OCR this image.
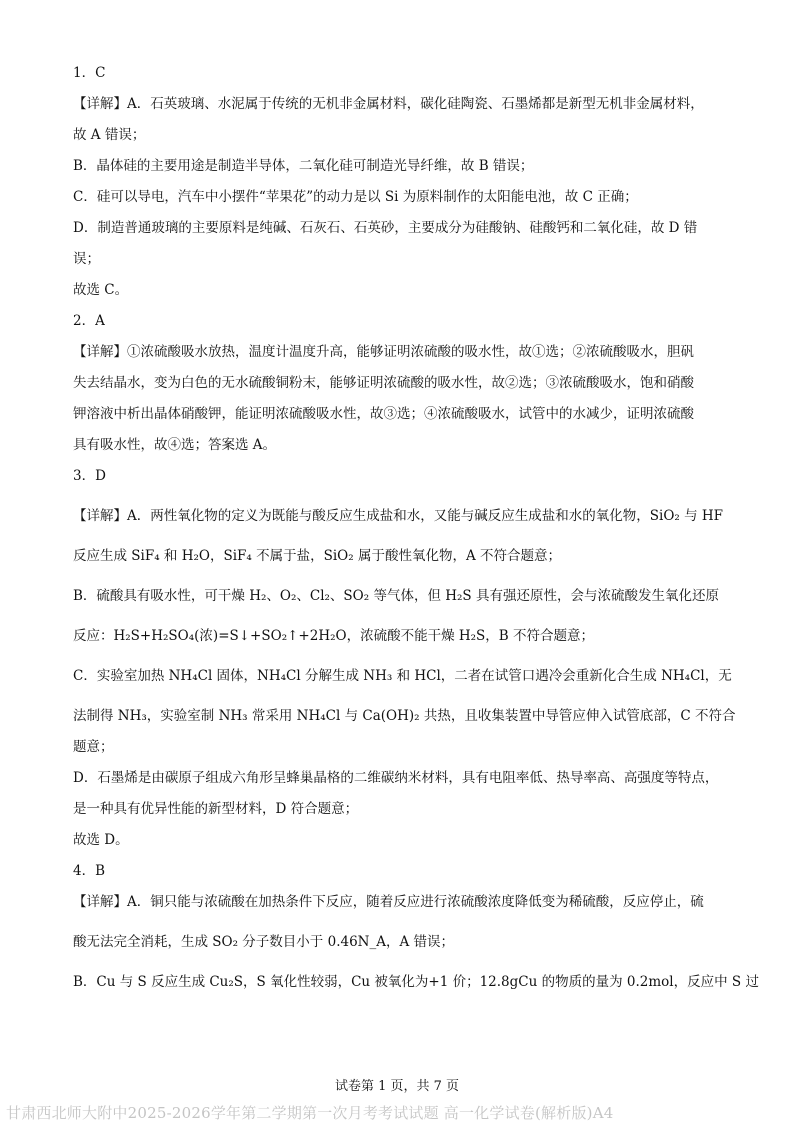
1．C

【详解】A．石英玻璃、水泥属于传统的无机非金属材料，碳化硅陶瓷、石墨烯都是新型无机非金属材料，

故 A 错误；

B．晶体硅的主要用途是制造半导体，二氧化硅可制造光导纤维，故 B 错误；

C．硅可以导电，汽车中小摆件“苹果花”的动力是以 Si 为原料制作的太阳能电池，故 C 正确；

D．制造普通玻璃的主要原料是纯碱、石灰石、石英砂，主要成分为硅酸钠、硅酸钙和二氧化硅，故 D 错

误；

故选 C。

2．A

【详解】①浓硫酸吸水放热，温度计温度升高，能够证明浓硫酸的吸水性，故①选；②浓硫酸吸水，胆矾

失去结晶水，变为白色的无水硫酸铜粉末，能够证明浓硫酸的吸水性，故②选；③浓硫酸吸水，饱和硝酸

钾溶液中析出晶体硝酸钾，能证明浓硫酸吸水性，故③选；④浓硫酸吸水，试管中的水减少，证明浓硫酸

具有吸水性，故④选；答案选 A。

3．D

【详解】A．两性氧化物的定义为既能与酸反应生成盐和水，又能与碱反应生成盐和水的氧化物，SiO₂ 与 HF

反应生成 SiF₄ 和 H₂O，SiF₄ 不属于盐，SiO₂ 属于酸性氧化物，A 不符合题意；

B．硫酸具有吸水性，可干燥 H₂、O₂、Cl₂、SO₂ 等气体，但 H₂S 具有强还原性，会与浓硫酸发生氧化还原

反应：H₂S+H₂SO₄(浓)=S↓+SO₂↑+2H₂O，浓硫酸不能干燥 H₂S，B 不符合题意；

C．实验室加热 NH₄Cl 固体，NH₄Cl 分解生成 NH₃ 和 HCl，二者在试管口遇冷会重新化合生成 NH₄Cl，无

法制得 NH₃，实验室制 NH₃ 常采用 NH₄Cl 与 Ca(OH)₂ 共热，且收集装置中导管应伸入试管底部，C 不符合

题意；

D．石墨烯是由碳原子组成六角形呈蜂巢晶格的二维碳纳米材料，具有电阻率低、热导率高、高强度等特点，

是一种具有优异性能的新型材料，D 符合题意；

故选 D。

4．B

【详解】A．铜只能与浓硫酸在加热条件下反应，随着反应进行浓硫酸浓度降低变为稀硫酸，反应停止，硫

酸无法完全消耗，生成 SO₂ 分子数目小于 0.46N_A，A 错误；

B．Cu 与 S 反应生成 Cu₂S，S 氧化性较弱，Cu 被氧化为+1 价；12.8gCu 的物质的量为 0.2mol，反应中 S 过

试卷第 1 页，共 7 页
甘肃西北师大附中2025-2026学年第二学期第一次月考考试试题 高一化学试卷(解析版)A4
